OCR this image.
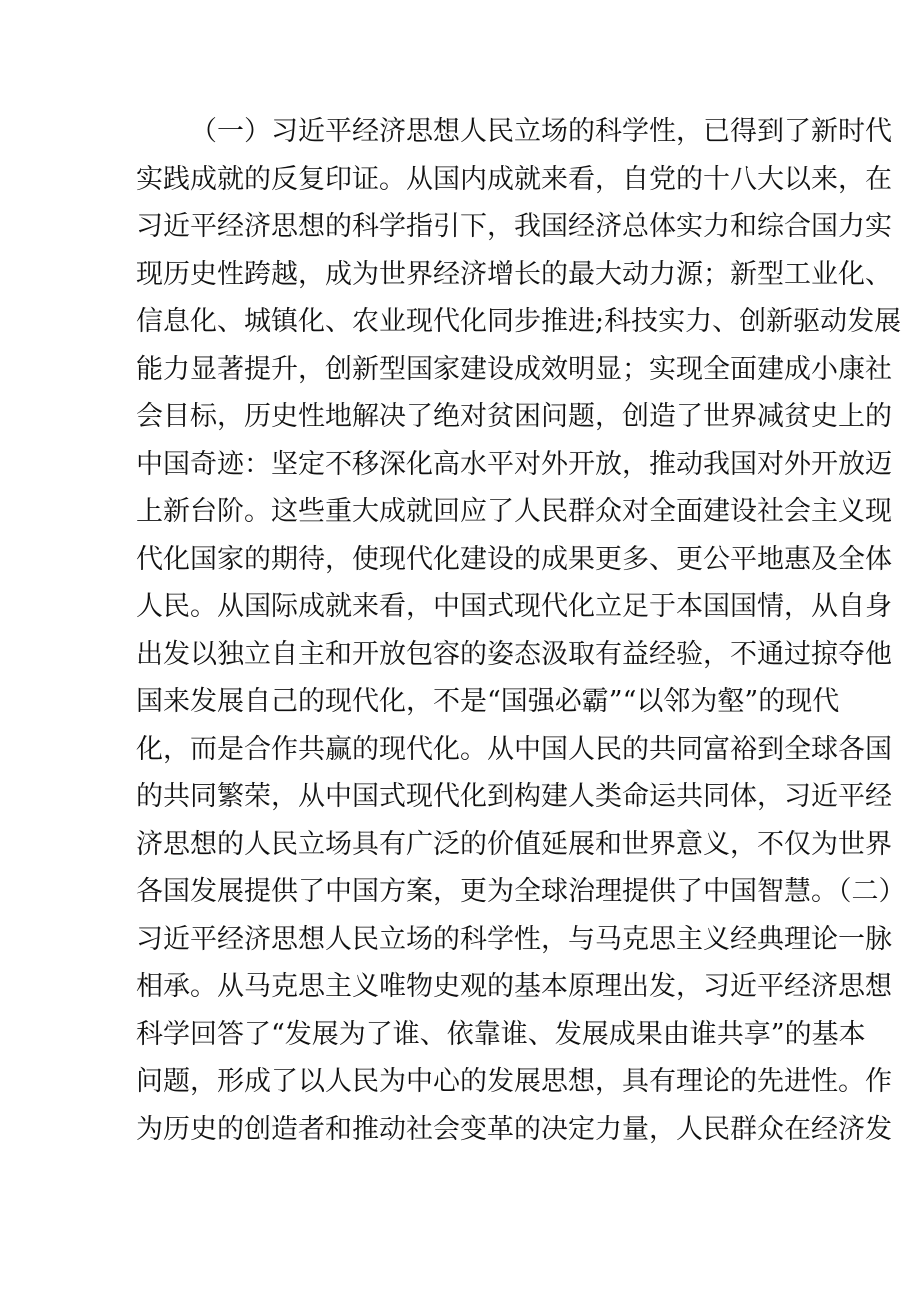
（一）习近平经济思想人民立场的科学性，已得到了新时代
实践成就的反复印证。从国内成就来看，自党的十八大以来，在
习近平经济思想的科学指引下，我国经济总体实力和综合国力实
现历史性跨越，成为世界经济增长的最大动力源；新型工业化、
信息化、城镇化、农业现代化同步推进;科技实力、创新驱动发展
能力显著提升，创新型国家建设成效明显；实现全面建成小康社
会目标，历史性地解决了绝对贫困问题，创造了世界减贫史上的
中国奇迹：坚定不移深化高水平对外开放，推动我国对外开放迈
上新台阶。这些重大成就回应了人民群众对全面建设社会主义现
代化国家的期待，使现代化建设的成果更多、更公平地惠及全体
人民。从国际成就来看，中国式现代化立足于本国国情，从自身
出发以独立自主和开放包容的姿态汲取有益经验，不通过掠夺他
国来发展自己的现代化，不是“国强必霸”“以邻为壑”的现代
化，而是合作共赢的现代化。从中国人民的共同富裕到全球各国
的共同繁荣，从中国式现代化到构建人类命运共同体，习近平经
济思想的人民立场具有广泛的价值延展和世界意义，不仅为世界
各国发展提供了中国方案，更为全球治理提供了中国智慧。（二）
习近平经济思想人民立场的科学性，与马克思主义经典理论一脉
相承。从马克思主义唯物史观的基本原理出发，习近平经济思想
科学回答了“发展为了谁、依靠谁、发展成果由谁共享”的基本
问题，形成了以人民为中心的发展思想，具有理论的先进性。作
为历史的创造者和推动社会变革的决定力量，人民群众在经济发
